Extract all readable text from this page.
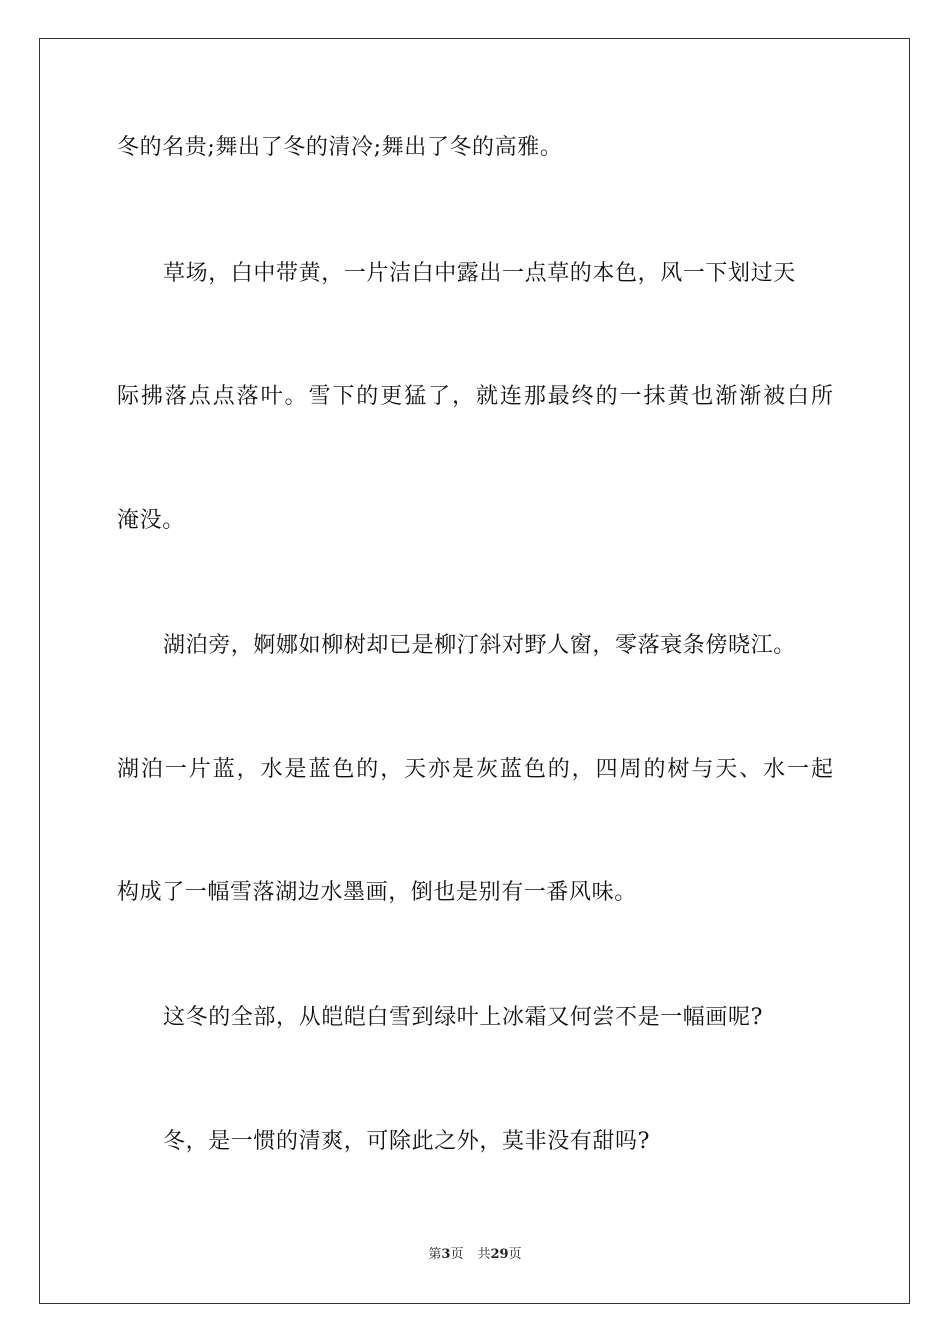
冬的名贵;舞出了冬的清冷;舞出了冬的高雅。
草场，白中带黄，一片洁白中露出一点草的本色，风一下划过天
际拂落点点落叶。雪下的更猛了，就连那最终的一抹黄也渐渐被白所
淹没。
湖泊旁，婀娜如柳树却已是柳汀斜对野人窗，零落衰条傍晓江。
湖泊一片蓝，水是蓝色的，天亦是灰蓝色的，四周的树与天、水一起
构成了一幅雪落湖边水墨画，倒也是别有一番风味。
这冬的全部，从皑皑白雪到绿叶上冰霜又何尝不是一幅画呢?
冬，是一惯的清爽，可除此之外，莫非没有甜吗?
第3页 共29页
